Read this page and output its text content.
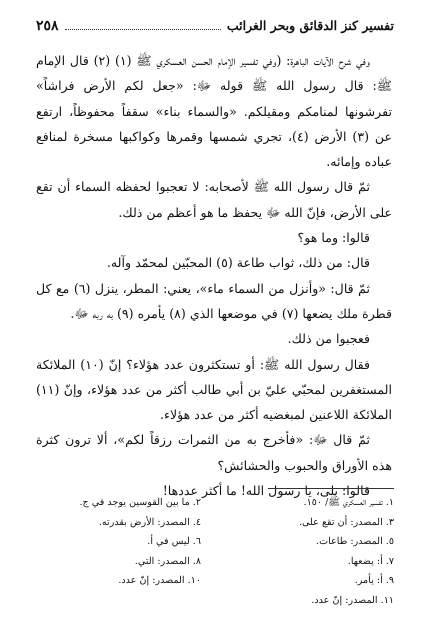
تفسير كنز الدقائق وبحر الغرائب
٢٥٨

وفي شرح الآيات الباهرة: (وفي تفسير الإمام الحسن العسكري ﷺ (١) (٢) قال الإمام ﷺ: قال رسول الله ﷺ قوله ﷻ: «جعل لكم الأرض فراشاً» تفرشونها لمنامكم ومقيلكم. «والسماء بناء» سقفاً محفوظاً، ارتفع عن (٣) الأرض (٤)، تجري شمسها وقمرها وكواكبها مسخرة لمنافع عباده وإمائه.

ثمّ قال رسول الله ﷺ لأصحابه: لا تعجبوا لحفظه السماء أن تقع على الأرض، فإنّ الله ﷻ يحفظ ما هو أعظم من ذلك.

قالوا: وما هو؟

قال: من ذلك، ثواب طاعة (٥) المحبّين لمحمّد وآله.

ثمّ قال: «وأنزل من السماء ماء»، يعني: المطر، ينزل (٦) مع كل قطرة ملك يضعها (٧) في موضعها الذي (٨) يأمره (٩) به ربه ﷻ.

فعجبوا من ذلك.

فقال رسول الله ﷺ: أو تستكثرون عدد هؤلاء؟ إنّ (١٠) الملائكة المستغفرين لمحبّي عليّ بن أبي طالب أكثر من عدد هؤلاء، وإنّ (١١) الملائكة اللاعنين لمبغضيه أكثر من عدد هؤلاء.

ثمّ قال ﷻ: «فأخرج به من الثمرات رزقاً لكم»، ألا ترون كثرة هذه الأوراق والحبوب والحشائش؟

قالوا: بلى، يا رسول الله! ما أكثر عددها!

١. تفسير العسكري ﷺ/ ١٥٠.
٢. ما بين القوسين يوجد في ج.
٣. المصدر: أن تقع على.
٤. المصدر: الأرض بقدرته.
٥. المصدر: طاعات.
٦. ليس في أ.
٧. أ: يضعها.
٨. المصدر: التي.
٩. أ: يأمر.
١٠. المصدر: إنّ عدد.
١١. المصدر: إنّ عدد.
